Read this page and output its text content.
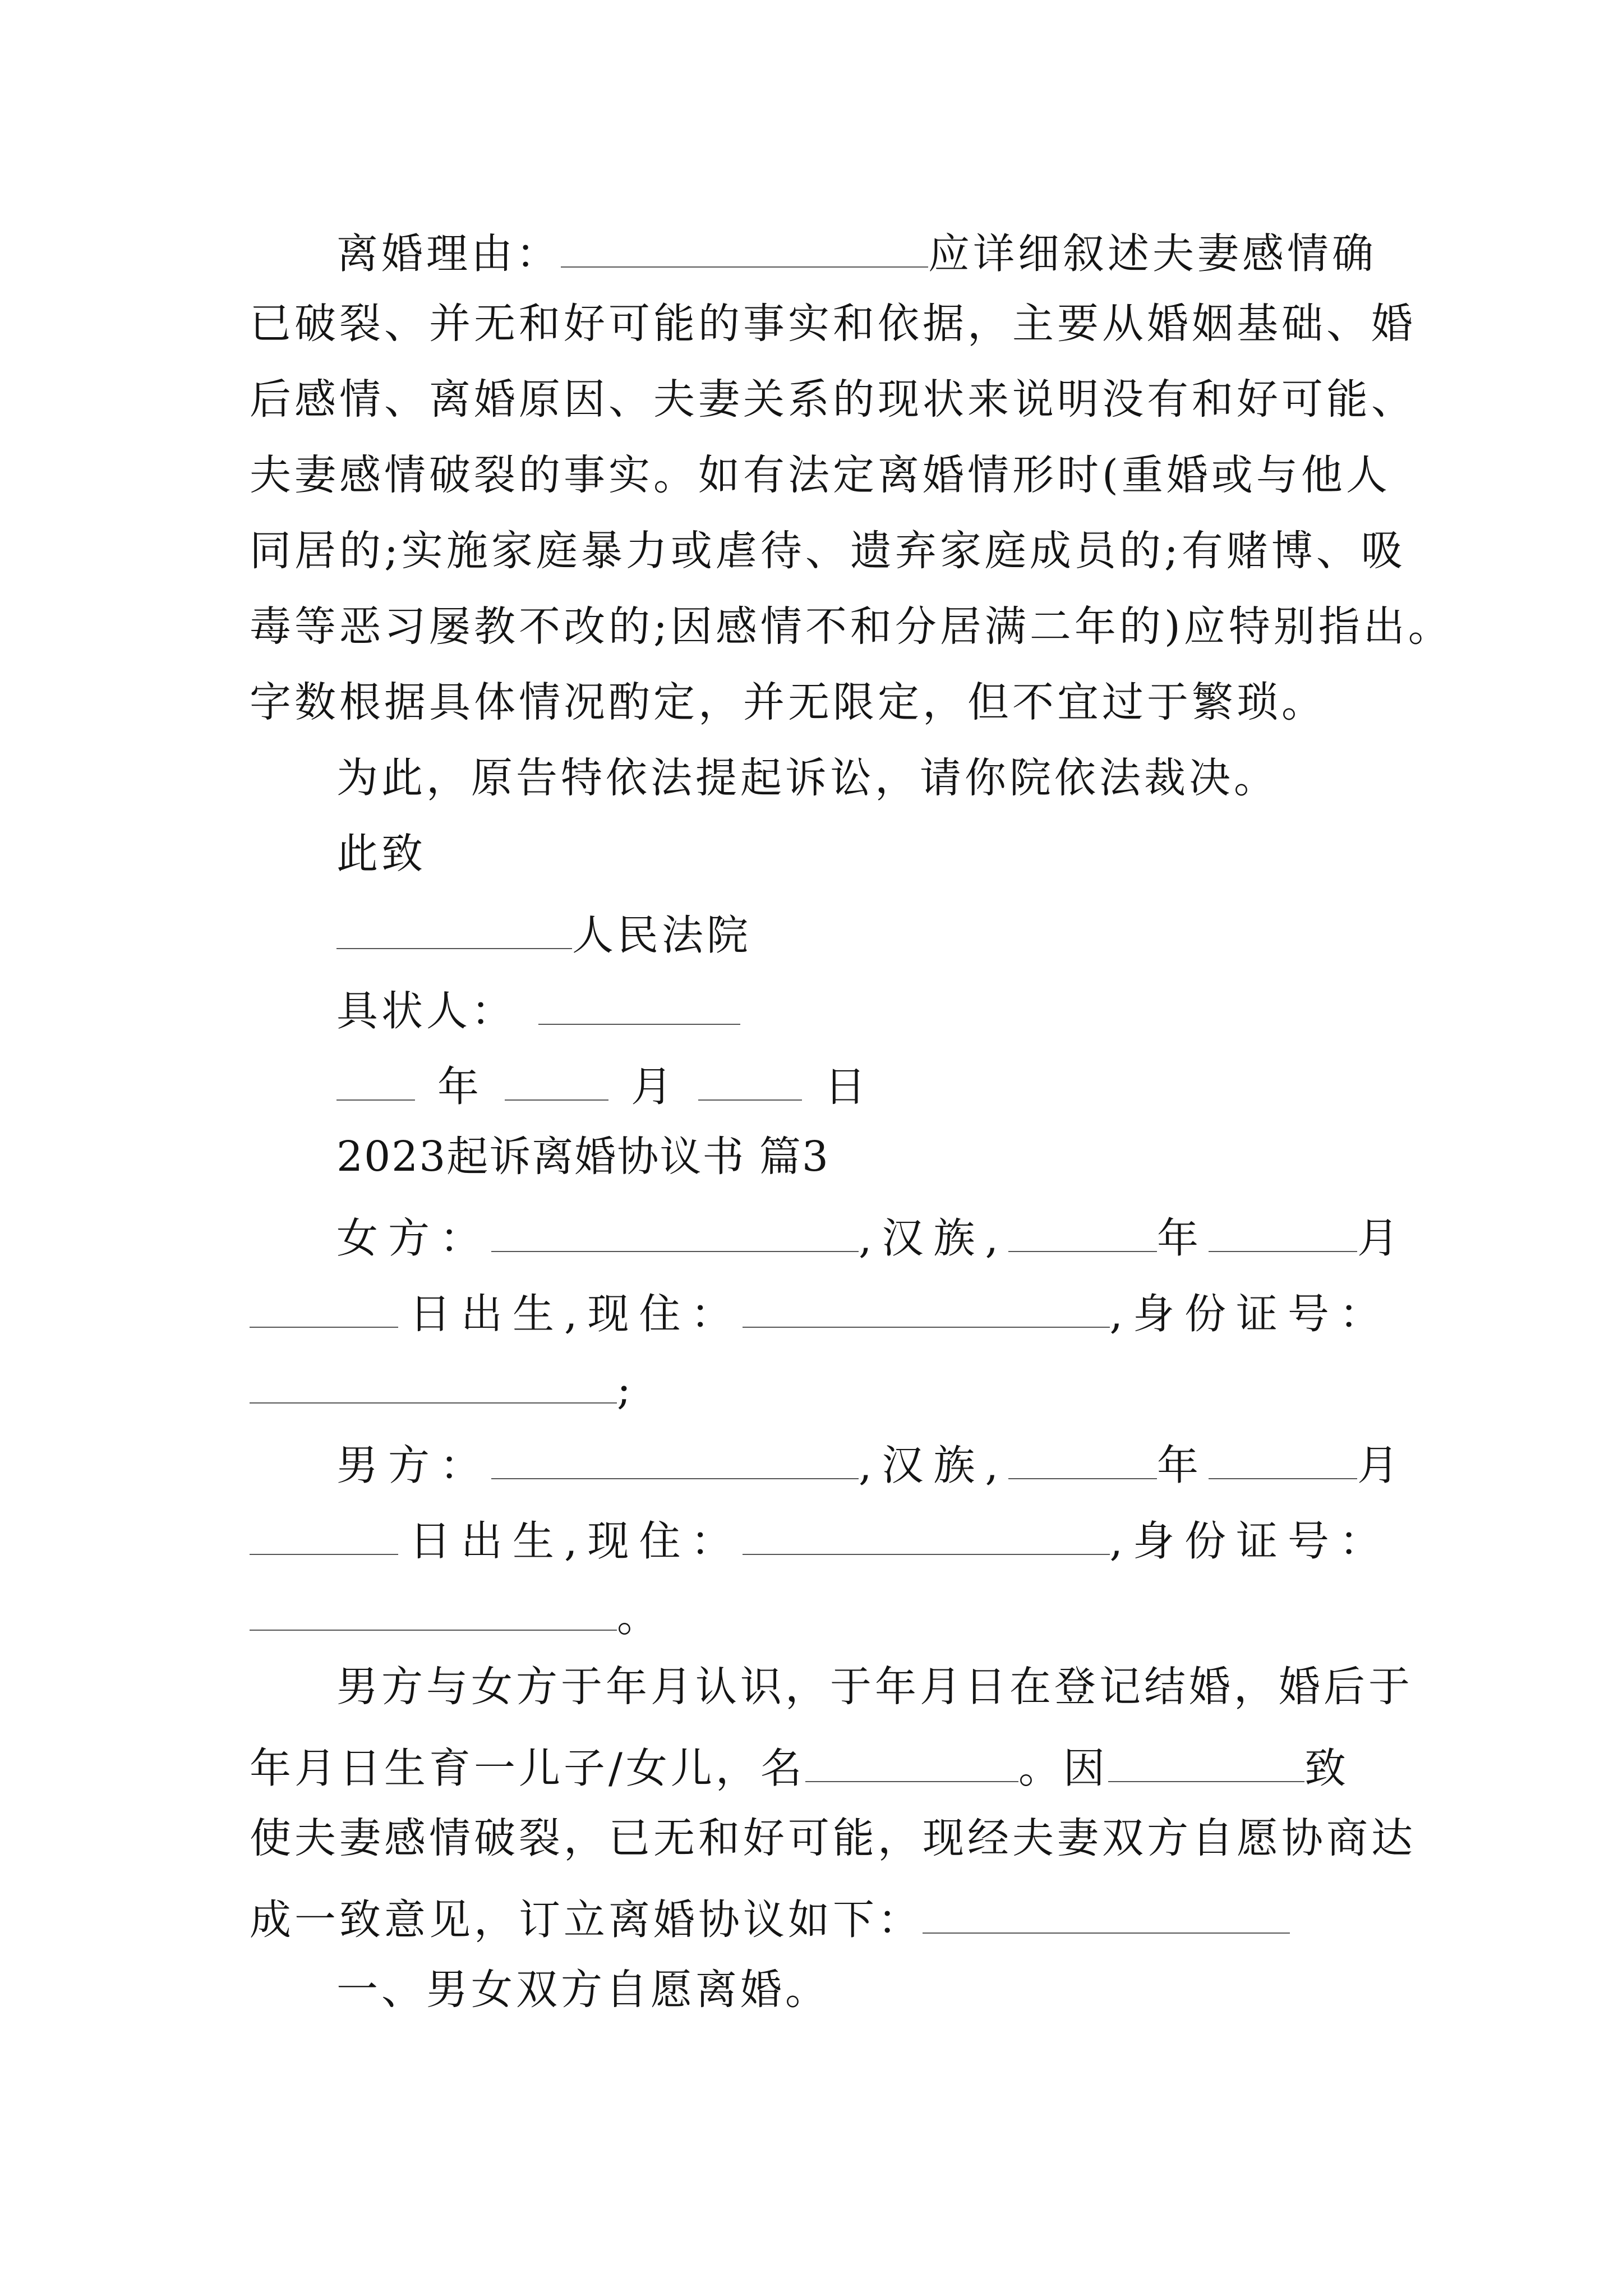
离婚理由：	应详细叙述夫妻感情确
已破裂、并无和好可能的事实和依据，主要从婚姻基础、婚
后感情、离婚原因、夫妻关系的现状来说明没有和好可能、
夫妻感情破裂的事实。如有法定离婚情形时(重婚或与他人
同居的;实施家庭暴力或虐待、遗弃家庭成员的;有赌博、吸
毒等恶习屡教不改的;因感情不和分居满二年的)应特别指出。
字数根据具体情况酌定，并无限定，但不宜过于繁琐。
为此，原告特依法提起诉讼，请你院依法裁决。
此致
人民法院
具状人：
年	月	日
2023起诉离婚协议书 篇3
女方：	,汉族,	年	月
日出生,现住：	,身份证号：
;
男方：	,汉族,	年	月
日出生,现住：	,身份证号：
。
男方与女方于年月认识，于年月日在登记结婚，婚后于
年月日生育一儿子/女儿，名	。因	致
使夫妻感情破裂，已无和好可能，现经夫妻双方自愿协商达
成一致意见，订立离婚协议如下：
一、男女双方自愿离婚。
